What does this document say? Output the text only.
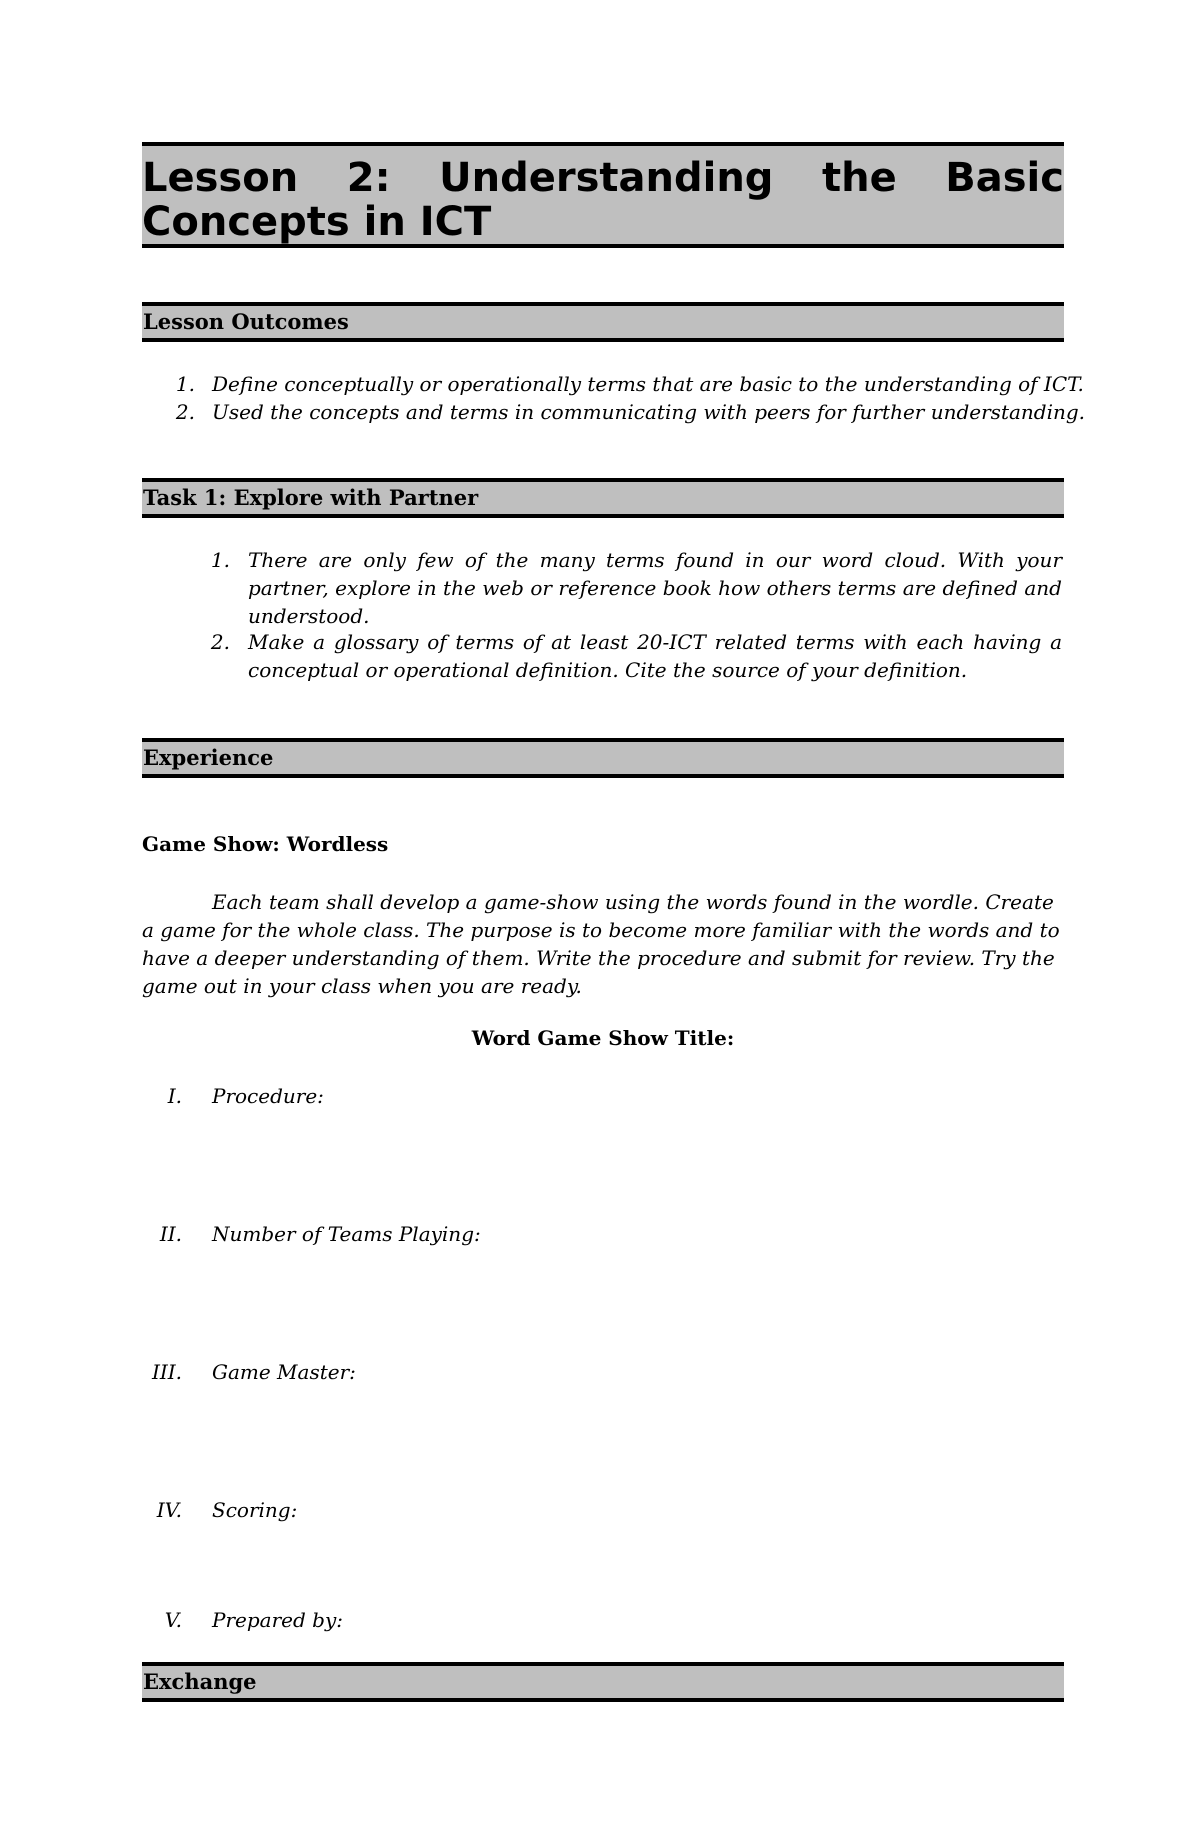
Lesson 2: Understanding the Basic
Concepts in ICT
Lesson Outcomes
1. Define conceptually or operationally terms that are basic to the understanding of ICT.
2. Used the concepts and terms in communicating with peers for further understanding.
Task 1: Explore with Partner
1. There are only few of the many terms found in our word cloud. With your partner, explore in the web or reference book how others terms are defined and understood.
2. Make a glossary of terms of at least 20-ICT related terms with each having a conceptual or operational definition. Cite the source of your definition.
Experience
Game Show: Wordless
Each team shall develop a game-show using the words found in the wordle. Create a game for the whole class. The purpose is to become more familiar with the words and to have a deeper understanding of them. Write the procedure and submit for review. Try the game out in your class when you are ready.
Word Game Show Title:
I. Procedure:
II. Number of Teams Playing:
III. Game Master:
IV. Scoring:
V. Prepared by:
Exchange
